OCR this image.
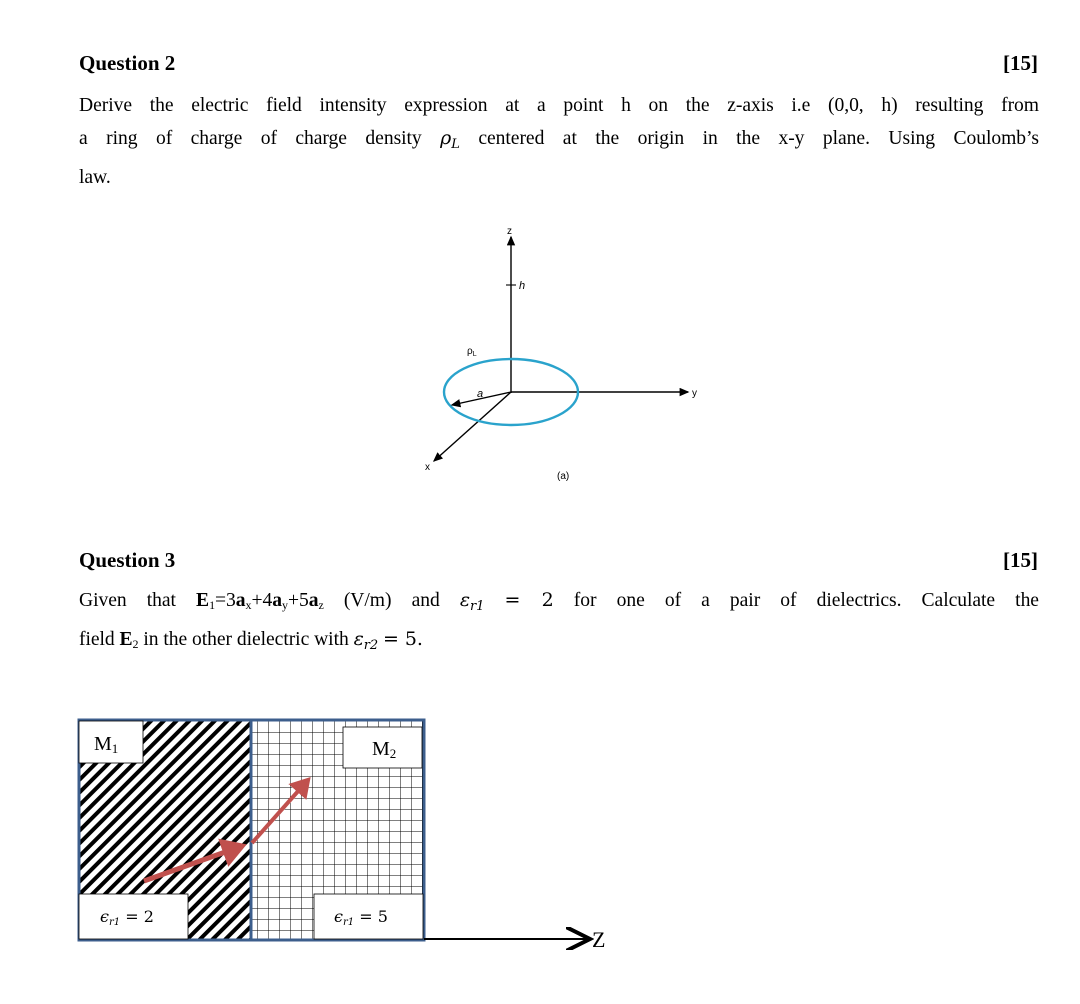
Question 2	[15]
Derive the electric field intensity expression at a point h on the z-axis i.e (0,0, h) resulting from
a ring of charge of charge density $\rho_L$ centered at the origin in the x-y plane. Using Coulomb’s
law.
z
h
y
x
a
$\rho_L$
(a)
Question 3	[15]
Given that $E_1=3a_x+4a_y+5a_z$ (V/m) and $\varepsilon_{r1} = 2$ for one of a pair of dielectrics. Calculate the
field $E_2$ in the other dielectric with $\varepsilon_{r2} = 5$.
Z
M1	M2
ϵr1 = 2	ϵr1 = 5
